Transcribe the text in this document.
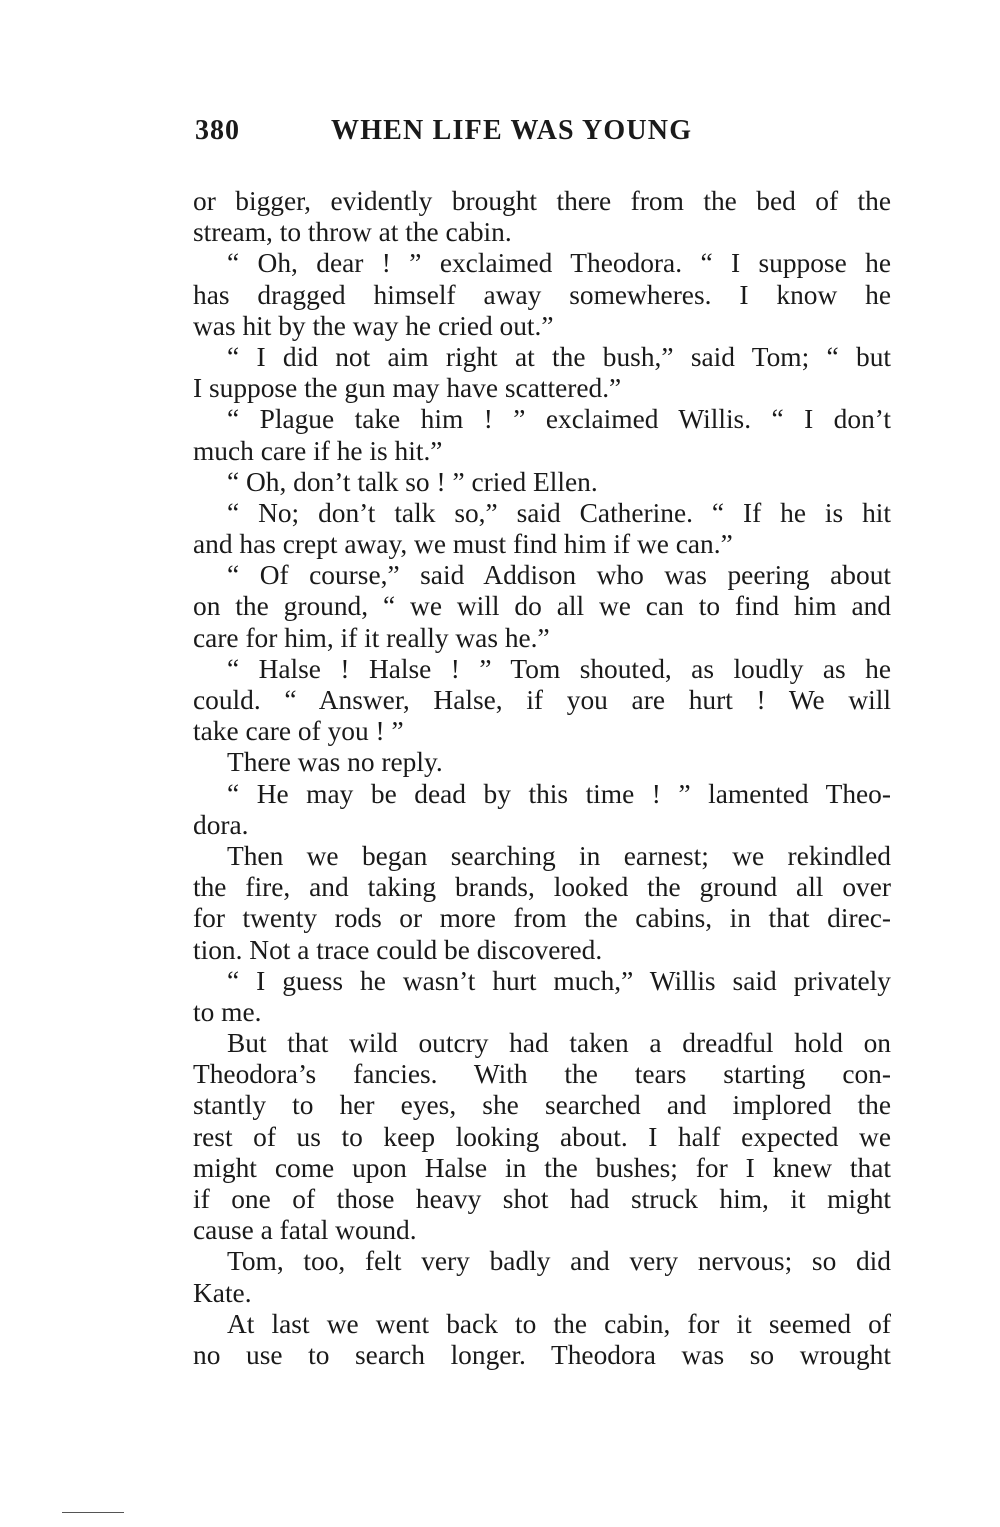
380	WHEN LIFE WAS YOUNG
or bigger, evidently brought there from the bed of the
stream, to throw at the cabin.
“ Oh, dear ! ” exclaimed Theodora. “ I suppose he
has dragged himself away somewheres. I know he
was hit by the way he cried out.”
“ I did not aim right at the bush,” said Tom; “ but
I suppose the gun may have scattered.”
“ Plague take him ! ” exclaimed Willis. “ I don’t
much care if he is hit.”
“ Oh, don’t talk so ! ” cried Ellen.
“ No; don’t talk so,” said Catherine. “ If he is hit
and has crept away, we must find him if we can.”
“ Of course,” said Addison who was peering about
on the ground, “ we will do all we can to find him and
care for him, if it really was he.”
“ Halse ! Halse ! ” Tom shouted, as loudly as he
could. “ Answer, Halse, if you are hurt ! We will
take care of you ! ”
There was no reply.
“ He may be dead by this time ! ” lamented Theo-
dora.
Then we began searching in earnest; we rekindled
the fire, and taking brands, looked the ground all over
for twenty rods or more from the cabins, in that direc-
tion. Not a trace could be discovered.
“ I guess he wasn’t hurt much,” Willis said privately
to me.
But that wild outcry had taken a dreadful hold on
Theodora’s fancies. With the tears starting con-
stantly to her eyes, she searched and implored the
rest of us to keep looking about. I half expected we
might come upon Halse in the bushes; for I knew that
if one of those heavy shot had struck him, it might
cause a fatal wound.
Tom, too, felt very badly and very nervous; so did
Kate.
At last we went back to the cabin, for it seemed of
no use to search longer. Theodora was so wrought
